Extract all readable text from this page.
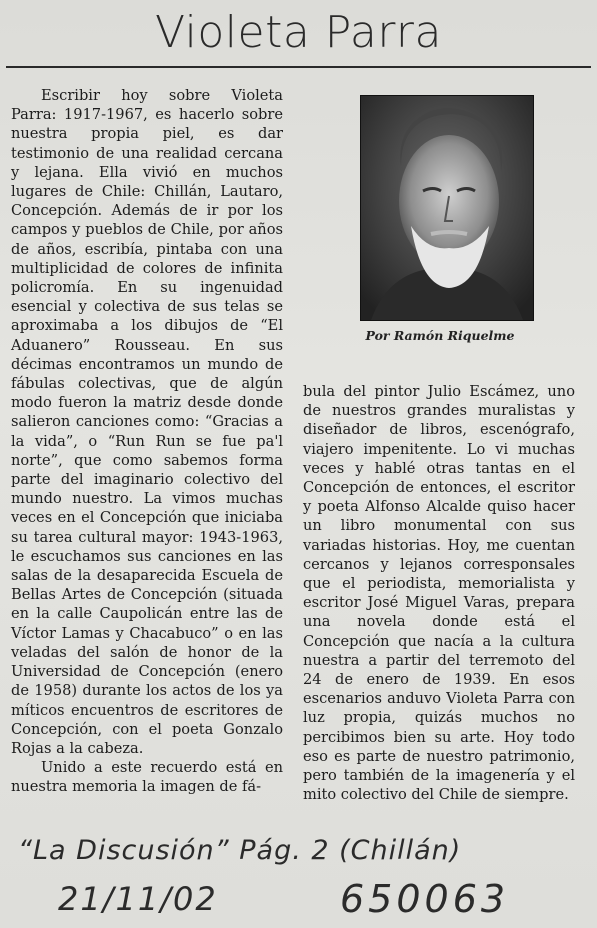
Violeta Parra

Escribir hoy sobre Violeta Parra: 1917-1967, es hacerlo sobre nuestra propia piel, es dar testimonio de una realidad cercana y lejana. Ella vivió en muchos lugares de Chile: Chillán, Lautaro, Concepción. Además de ir por los campos y pueblos de Chile, por años de años, escribía, pintaba con una multiplicidad de colores de infinita policromía. En su ingenuidad esencial y colectiva de sus telas se aproximaba a los dibujos de “El Aduanero” Rousseau. En sus décimas encontramos un mundo de fábulas colectivas, que de algún modo fueron la matriz desde donde salieron canciones como: “Gracias a la vida”, o “Run Run se fue pa'l norte”, que como sabemos forma parte del imaginario colectivo del mundo nuestro. La vimos muchas veces en el Concepción que iniciaba su tarea cultural mayor: 1943-1963, le escuchamos sus canciones en las salas de la desaparecida Escuela de Bellas Artes de Concepción (situada en la calle Caupolicán entre las de Víctor Lamas y Chacabuco” o en las veladas del salón de honor de la Universidad de Concepción (enero de 1958) durante los actos de los ya míticos encuentros de escritores de Concepción, con el poeta Gonzalo Rojas a la cabeza.

Unido a este recuerdo está en nuestra memoria la imagen de fá-

Por Ramón Riquelme

bula del pintor Julio Escámez, uno de nuestros grandes muralistas y diseñador de libros, escenógrafo, viajero impenitente. Lo vi muchas veces y hablé otras tantas en el Concepción de entonces, el escritor y poeta Alfonso Alcalde quiso hacer un libro monumental con sus variadas historias. Hoy, me cuentan cercanos y lejanos corresponsales que el periodista, memorialista y escritor José Miguel Varas, prepara una novela donde está el Concepción que nacía a la cultura nuestra a partir del terremoto del 24 de enero de 1939. En esos escenarios anduvo Violeta Parra con luz propia, quizás muchos no percibimos bien su arte. Hoy todo eso es parte de nuestro patrimonio, pero también de la imagenería y el mito colectivo del Chile de siempre.

“La Discusión” Pág. 2 (Chillán)
21/11/02	650063
